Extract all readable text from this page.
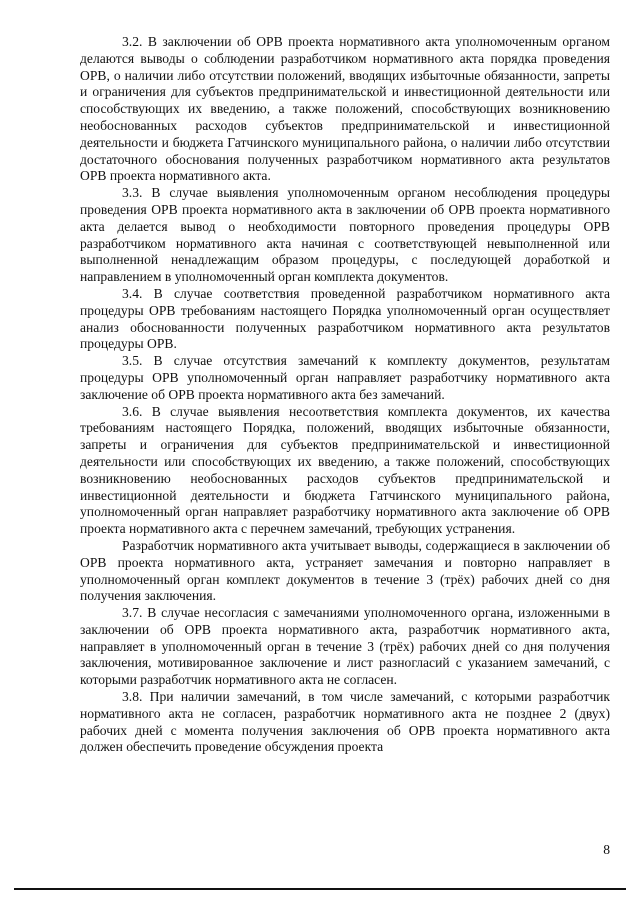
3.2. В заключении об ОРВ проекта нормативного акта уполномоченным органом делаются выводы о соблюдении разработчиком нормативного акта порядка проведения ОРВ, о наличии либо отсутствии положений, вводящих избыточные обязанности, запреты и ограничения для субъектов предпринимательской и инвестиционной деятельности или способствующих их введению, а также положений, способствующих возникновению необоснованных расходов субъектов предпринимательской и инвестиционной деятельности и бюджета Гатчинского муниципального района, о наличии либо отсутствии достаточного обоснования полученных разработчиком нормативного акта результатов ОРВ проекта нормативного акта.

3.3. В случае выявления уполномоченным органом несоблюдения процедуры проведения ОРВ проекта нормативного акта в заключении об ОРВ проекта нормативного акта делается вывод о необходимости повторного проведения процедуры ОРВ разработчиком нормативного акта начиная с соответствующей невыполненной или выполненной ненадлежащим образом процедуры, с последующей доработкой и направлением в уполномоченный орган комплекта документов.

3.4. В случае соответствия проведенной разработчиком нормативного акта процедуры ОРВ требованиям настоящего Порядка уполномоченный орган осуществляет анализ обоснованности полученных разработчиком нормативного акта результатов процедуры ОРВ.

3.5. В случае отсутствия замечаний к комплекту документов, результатам процедуры ОРВ уполномоченный орган направляет разработчику нормативного акта заключение об ОРВ проекта нормативного акта без замечаний.

3.6. В случае выявления несоответствия комплекта документов, их качества требованиям настоящего Порядка, положений, вводящих избыточные обязанности, запреты и ограничения для субъектов предпринимательской и инвестиционной деятельности или способствующих их введению, а также положений, способствующих возникновению необоснованных расходов субъектов предпринимательской и инвестиционной деятельности и бюджета Гатчинского муниципального района, уполномоченный орган направляет разработчику нормативного акта заключение об ОРВ проекта нормативного акта с перечнем замечаний, требующих устранения.

Разработчик нормативного акта учитывает выводы, содержащиеся в заключении об ОРВ проекта нормативного акта, устраняет замечания и повторно направляет в уполномоченный орган комплект документов в течение 3 (трёх) рабочих дней со дня получения заключения.

3.7. В случае несогласия с замечаниями уполномоченного органа, изложенными в заключении об ОРВ проекта нормативного акта, разработчик нормативного акта, направляет в уполномоченный орган в течение 3 (трёх) рабочих дней со дня получения заключения, мотивированное заключение и лист разногласий с указанием замечаний, с которыми разработчик нормативного акта не согласен.

3.8. При наличии замечаний, в том числе замечаний, с которыми разработчик нормативного акта не согласен, разработчик нормативного акта не позднее 2 (двух) рабочих дней с момента получения заключения об ОРВ проекта нормативного акта должен обеспечить проведение обсуждения проекта

8
